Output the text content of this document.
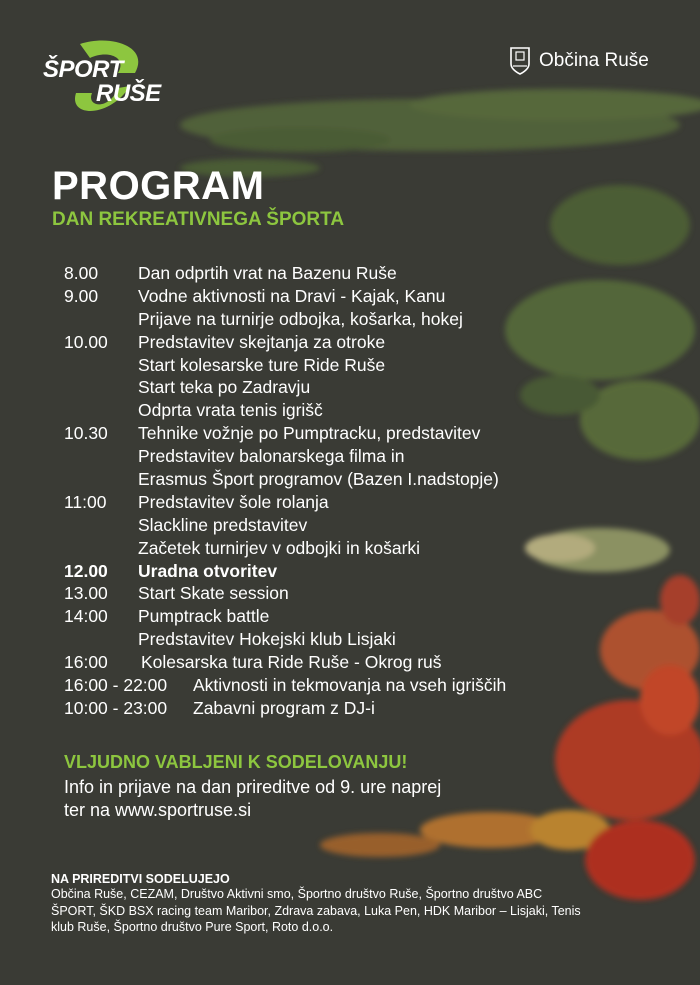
ŠPORT
RUŠE
Občina Ruše
PROGRAM
DAN REKREATIVNEGA ŠPORTA
8.00 Dan odprtih vrat na Bazenu Ruše
9.00 Vodne aktivnosti na Dravi - Kajak, Kanu
Prijave na turnirje odbojka, košarka, hokej
10.00 Predstavitev skejtanja za otroke
Start kolesarske ture Ride Ruše
Start teka po Zadravju
Odprta vrata tenis igrišč
10.30 Tehnike vožnje po Pumptracku, predstavitev
Predstavitev balonarskega filma in
Erasmus Šport programov (Bazen I.nadstopje)
11:00 Predstavitev šole rolanja
Slackline predstavitev
Začetek turnirjev v odbojki in košarki
12.00 Uradna otvoritev
13.00 Start Skate session
14:00 Pumptrack battle
Predstavitev Hokejski klub Lisjaki
16:00 Kolesarska tura Ride Ruše - Okrog ruš
16:00 - 22:00 Aktivnosti in tekmovanja na vseh igriščih
10:00 - 23:00 Zabavni program z DJ-i
VLJUDNO VABLJENI K SODELOVANJU!
Info in prijave na dan prireditve od 9. ure naprej
ter na www.sportruse.si
NA PRIREDITVI SODELUJEJO
Občina Ruše, CEZAM, Društvo Aktivni smo, Športno društvo Ruše, Športno društvo ABC
ŠPORT, ŠKD BSX racing team Maribor, Zdrava zabava, Luka Pen, HDK Maribor – Lisjaki, Tenis
klub Ruše, Športno društvo Pure Sport, Roto d.o.o.
